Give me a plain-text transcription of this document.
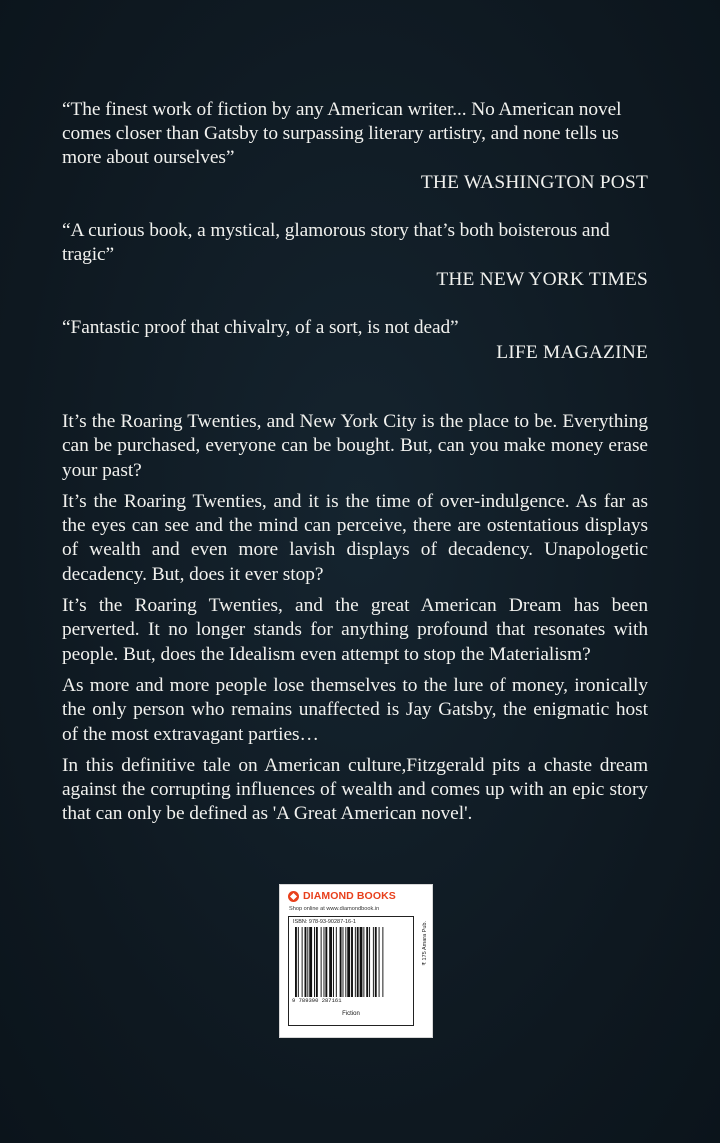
“The finest work of fiction by any American writer... No American novel comes closer than Gatsby to surpassing literary artistry, and none tells us more about ourselves”

THE WASHINGTON POST

“A curious book, a mystical, glamorous story that’s both boisterous and tragic”

THE NEW YORK TIMES

“Fantastic proof that chivalry, of a sort, is not dead”

LIFE MAGAZINE

It’s the Roaring Twenties, and New York City is the place to be. Everything can be purchased, everyone can be bought. But, can you make money erase your past?

It’s the Roaring Twenties, and it is the time of over-indulgence. As far as the eyes can see and the mind can perceive, there are ostentatious displays of wealth and even more lavish displays of decadency. Unapologetic decadency. But, does it ever stop?

It’s the Roaring Twenties, and the great American Dream has been perverted. It no longer stands for anything profound that resonates with people. But, does the Idealism even attempt to stop the Materialism?

As more and more people lose themselves to the lure of money, ironically the only person who remains unaffected is Jay Gatsby, the enigmatic host of the most extravagant parties…

In this definitive tale on American culture,Fitzgerald pits a chaste dream against the corrupting influences of wealth and comes up with an epic story that can only be defined as 'A Great American novel'.

DIAMOND BOOKS
Shop online at www.diamondbook.in
ISBN: 978-93-90287-16-1
9 789390 287161
Fiction
₹ 175 Amara Pub.
